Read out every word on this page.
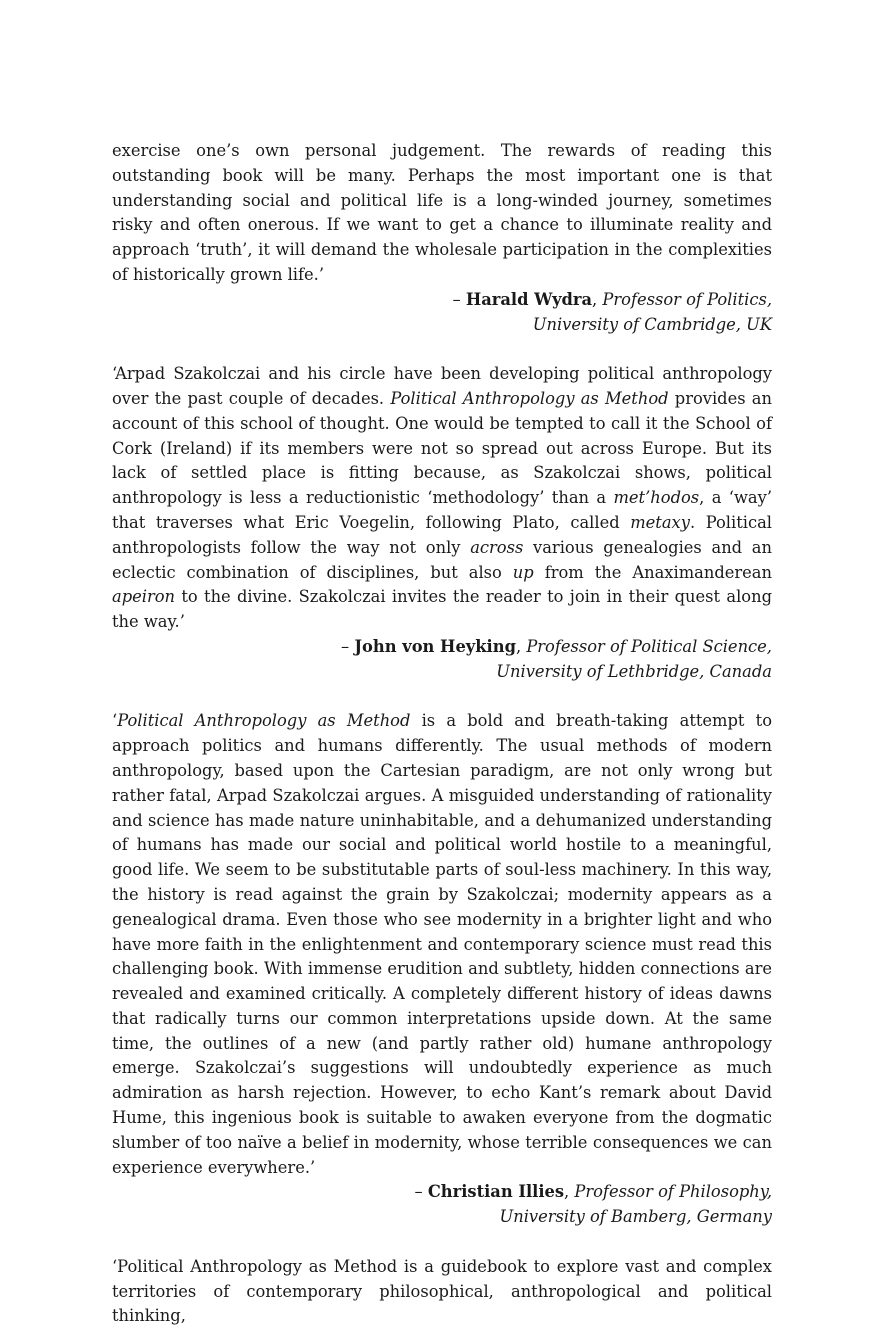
exercise one’s own personal judgement. The rewards of reading this outstanding book will be many. Perhaps the most important one is that understanding social and political life is a long-winded journey, sometimes risky and often onerous. If we want to get a chance to illuminate reality and approach ‘truth’, it will demand the wholesale participation in the complexities of historically grown life.’

– Harald Wydra, Professor of Politics,
University of Cambridge, UK

‘Arpad Szakolczai and his circle have been developing political anthropology over the past couple of decades. Political Anthropology as Method provides an account of this school of thought. One would be tempted to call it the School of Cork (Ireland) if its members were not so spread out across Europe. But its lack of settled place is fitting because, as Szakolczai shows, political anthropology is less a reductionistic ‘methodology’ than a met’hodos, a ‘way’ that traverses what Eric Voegelin, following Plato, called metaxy. Political anthropologists follow the way not only across various genealogies and an eclectic combination of disciplines, but also up from the Anaximanderean apeiron to the divine. Szakolczai invites the reader to join in their quest along the way.’

– John von Heyking, Professor of Political Science,
University of Lethbridge, Canada

‘Political Anthropology as Method is a bold and breath-taking attempt to approach politics and humans differently. The usual methods of modern anthropology, based upon the Cartesian paradigm, are not only wrong but rather fatal, Arpad Szakolczai argues. A misguided understanding of rationality and science has made nature uninhabitable, and a dehumanized understanding of humans has made our social and political world hostile to a meaningful, good life. We seem to be substitutable parts of soul-less machinery. In this way, the history is read against the grain by Szakolczai; modernity appears as a genealogical drama. Even those who see modernity in a brighter light and who have more faith in the enlightenment and contemporary science must read this challenging book. With immense erudition and subtlety, hidden connections are revealed and examined critically. A completely different history of ideas dawns that radically turns our common interpretations upside down. At the same time, the outlines of a new (and partly rather old) humane anthropology emerge. Szakolczai’s suggestions will undoubtedly experience as much admiration as harsh rejection. However, to echo Kant’s remark about David Hume, this ingenious book is suitable to awaken everyone from the dogmatic slumber of too naïve a belief in modernity, whose terrible consequences we can experience everywhere.’

– Christian Illies, Professor of Philosophy,
University of Bamberg, Germany

‘Political Anthropology as Method is a guidebook to explore vast and complex territories of contemporary philosophical, anthropological and political thinking,
